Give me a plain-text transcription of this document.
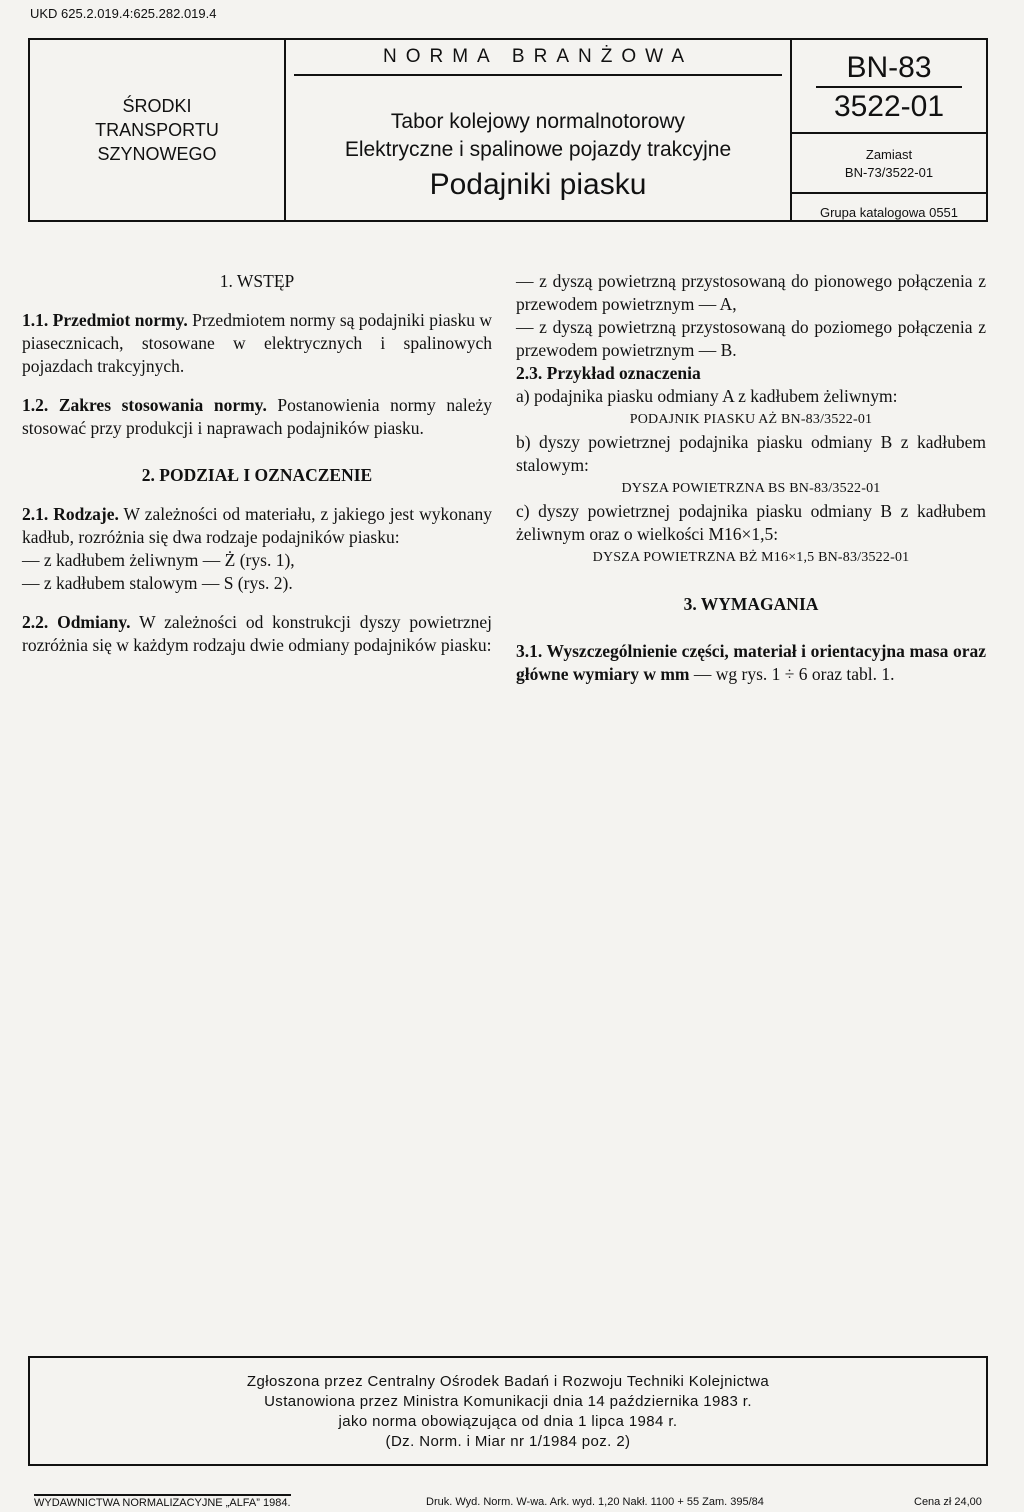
UKD 625.2.019.4:625.282.019.4
ŚRODKI
TRANSPORTU
SZYNOWEGO
NORMA BRANŻOWA
Tabor kolejowy normalnotorowy
Elektryczne i spalinowe pojazdy trakcyjne
Podajniki piasku
BN-83
3522-01
Zamiast
BN-73/3522-01
Grupa katalogowa 0551

1. WSTĘP

1.1. Przedmiot normy. Przedmiotem normy są podajniki piasku w piasecznicach, stosowane w elektrycznych i spalinowych pojazdach trakcyjnych.

1.2. Zakres stosowania normy. Postanowienia normy należy stosować przy produkcji i naprawach podajników piasku.

2. PODZIAŁ I OZNACZENIE

2.1. Rodzaje. W zależności od materiału, z jakiego jest wykonany kadłub, rozróżnia się dwa rodzaje podajników piasku:

— z kadłubem żeliwnym — Ż (rys. 1),

— z kadłubem stalowym — S (rys. 2).

2.2. Odmiany. W zależności od konstrukcji dyszy powietrznej rozróżnia się w każdym rodzaju dwie odmiany podajników piasku:

— z dyszą powietrzną przystosowaną do pionowego połączenia z przewodem powietrznym — A,

— z dyszą powietrzną przystosowaną do poziomego połączenia z przewodem powietrznym — B.

2.3. Przykład oznaczenia

a) podajnika piasku odmiany A z kadłubem żeliwnym:

PODAJNIK PIASKU AŻ BN-83/3522-01

b) dyszy powietrznej podajnika piasku odmiany B z kadłubem stalowym:

DYSZA POWIETRZNA BS BN-83/3522-01

c) dyszy powietrznej podajnika piasku odmiany B z kadłubem żeliwnym oraz o wielkości M16×1,5:

DYSZA POWIETRZNA BŻ M16×1,5 BN-83/3522-01

3. WYMAGANIA

3.1. Wyszczególnienie części, materiał i orientacyjna masa oraz główne wymiary w mm — wg rys. 1 ÷ 6 oraz tabl. 1.

Zgłoszona przez Centralny Ośrodek Badań i Rozwoju Techniki Kolejnictwa
Ustanowiona przez Ministra Komunikacji dnia 14 października 1983 r.
jako norma obowiązująca od dnia 1 lipca 1984 r.
(Dz. Norm. i Miar nr 1/1984 poz. 2)
WYDAWNICTWA NORMALIZACYJNE „ALFA” 1984.	Druk. Wyd. Norm. W-wa. Ark. wyd. 1,20 Nakł. 1100 + 55 Zam. 395/84	Cena zł 24,00
